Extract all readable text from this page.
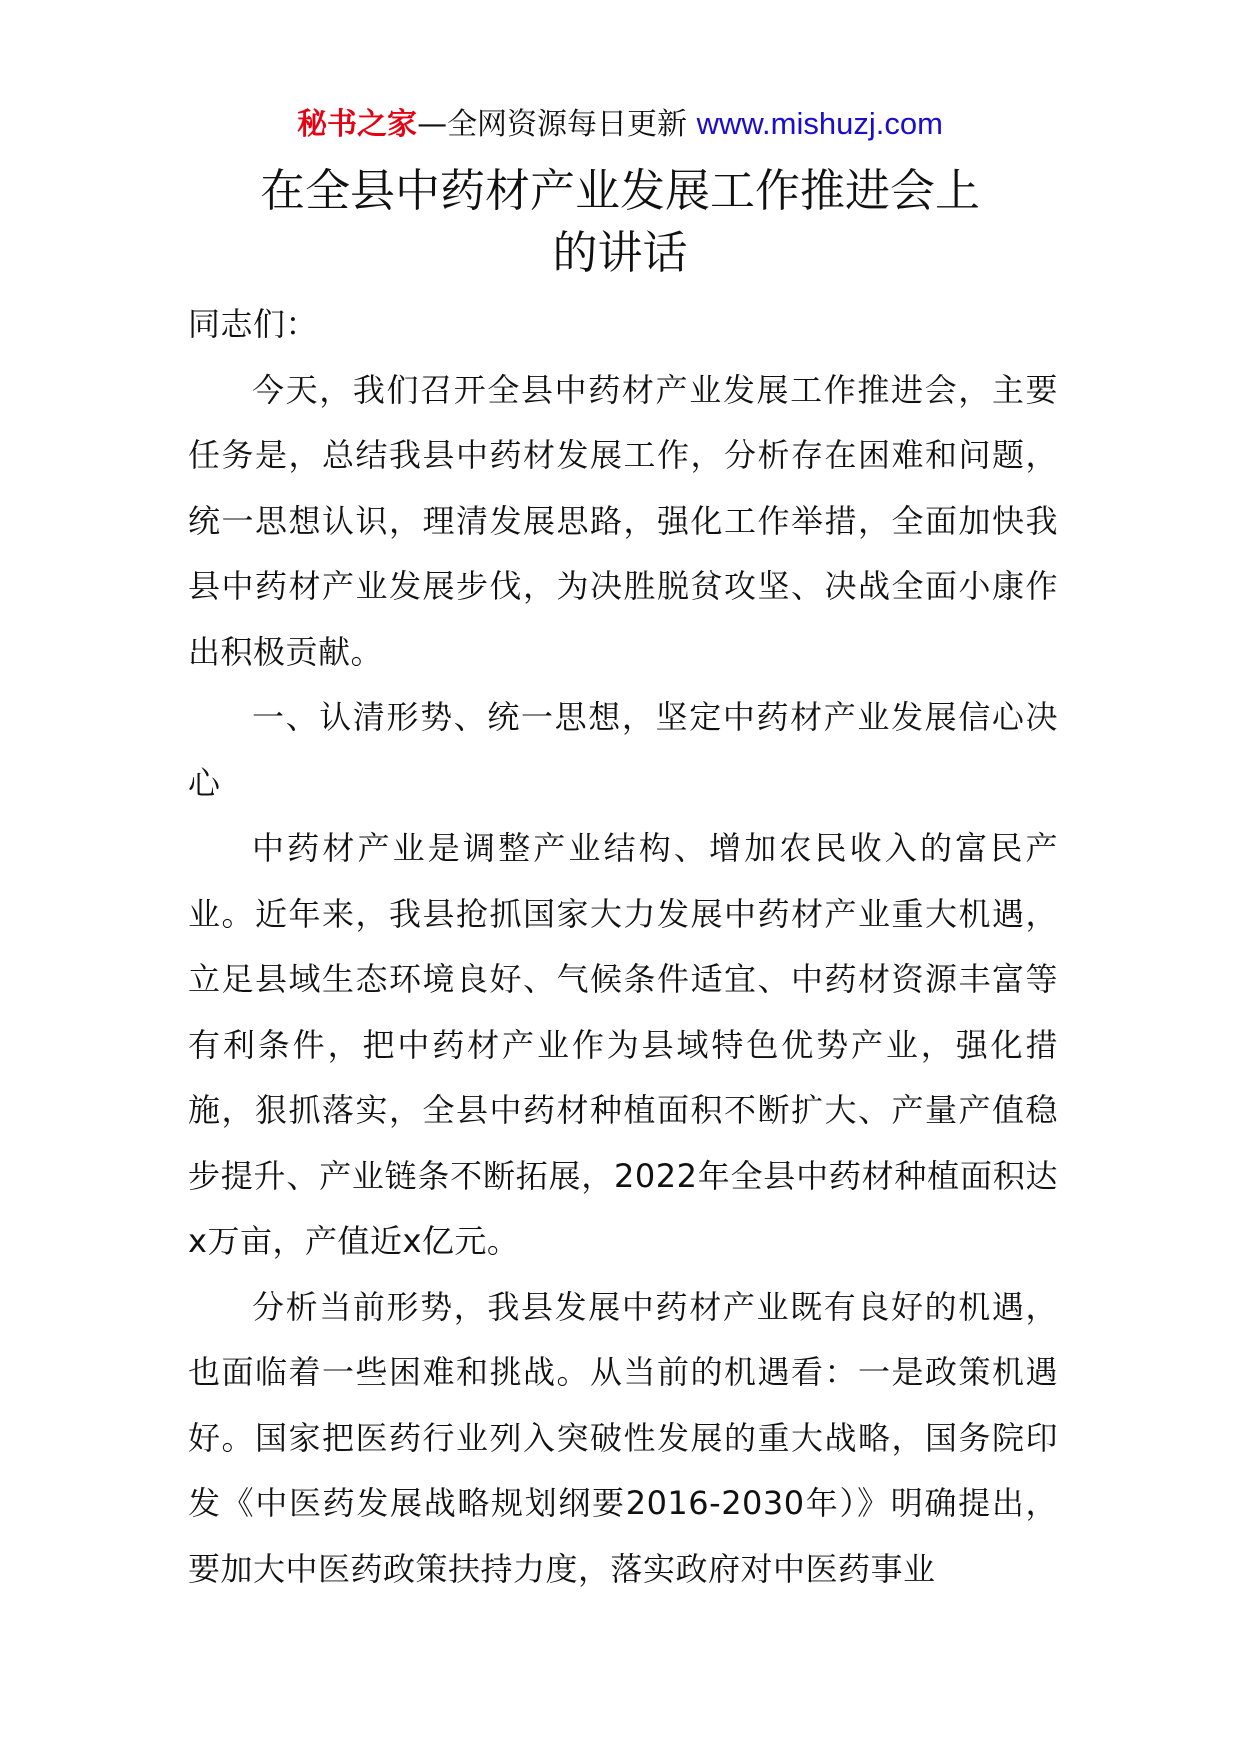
秘书之家—全网资源每日更新 www.mishuzj.com
在全县中药材产业发展工作推进会上
的讲话

同志们：

今天，我们召开全县中药材产业发展工作推进会，主要任务是，总结我县中药材发展工作，分析存在困难和问题，统一思想认识，理清发展思路，强化工作举措，全面加快我县中药材产业发展步伐，为决胜脱贫攻坚、决战全面小康作出积极贡献。

一、认清形势、统一思想，坚定中药材产业发展信心决心

中药材产业是调整产业结构、增加农民收入的富民产业。近年来，我县抢抓国家大力发展中药材产业重大机遇，立足县域生态环境良好、气候条件适宜、中药材资源丰富等有利条件，把中药材产业作为县域特色优势产业，强化措施，狠抓落实，全县中药材种植面积不断扩大、产量产值稳步提升、产业链条不断拓展，2022年全县中药材种植面积达x万亩，产值近x亿元。

分析当前形势，我县发展中药材产业既有良好的机遇，也面临着一些困难和挑战。从当前的机遇看：一是政策机遇好。国家把医药行业列入突破性发展的重大战略，国务院印发《中医药发展战略规划纲要2016-2030年）》明确提出，要加大中医药政策扶持力度，落实政府对中医药事业
